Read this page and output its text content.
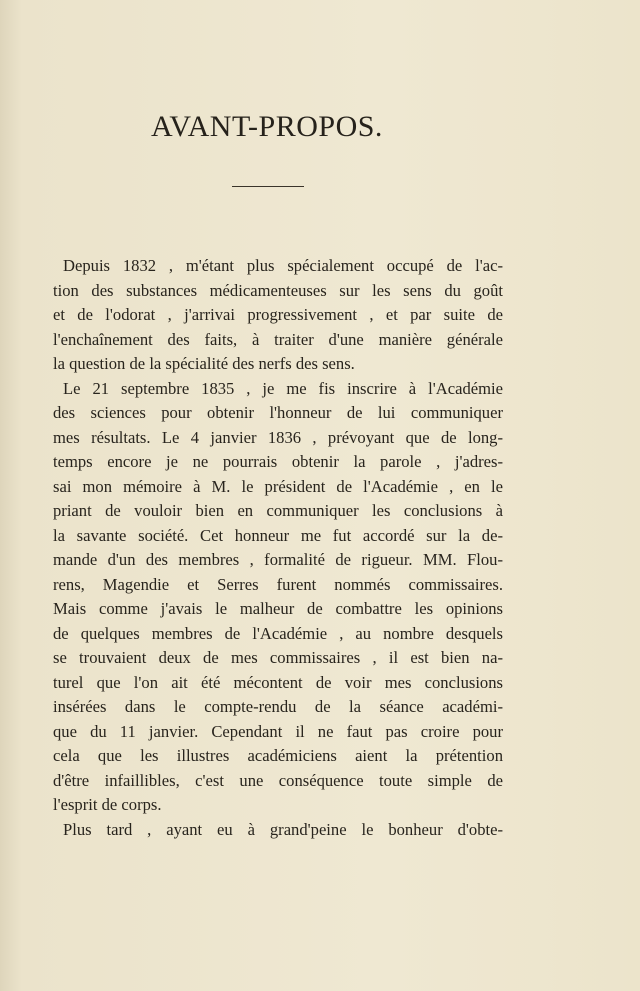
AVANT-PROPOS.
Depuis 1832 , m'étant plus spécialement occupé de l'ac-
tion des substances médicamenteuses sur les sens du goût
et de l'odorat , j'arrivai progressivement , et par suite de
l'enchaînement des faits, à traiter d'une manière générale
la question de la spécialité des nerfs des sens.
Le 21 septembre 1835 , je me fis inscrire à l'Académie
des sciences pour obtenir l'honneur de lui communiquer
mes résultats. Le 4 janvier 1836 , prévoyant que de long-
temps encore je ne pourrais obtenir la parole , j'adres-
sai mon mémoire à M. le président de l'Académie , en le
priant de vouloir bien en communiquer les conclusions à
la savante société. Cet honneur me fut accordé sur la de-
mande d'un des membres , formalité de rigueur. MM. Flou-
rens, Magendie et Serres furent nommés commissaires.
Mais comme j'avais le malheur de combattre les opinions
de quelques membres de l'Académie , au nombre desquels
se trouvaient deux de mes commissaires , il est bien na-
turel que l'on ait été mécontent de voir mes conclusions
insérées dans le compte-rendu de la séance académi-
que du 11 janvier. Cependant il ne faut pas croire pour
cela que les illustres académiciens aient la prétention
d'être infaillibles, c'est une conséquence toute simple de
l'esprit de corps.
Plus tard , ayant eu à grand'peine le bonheur d'obte-
